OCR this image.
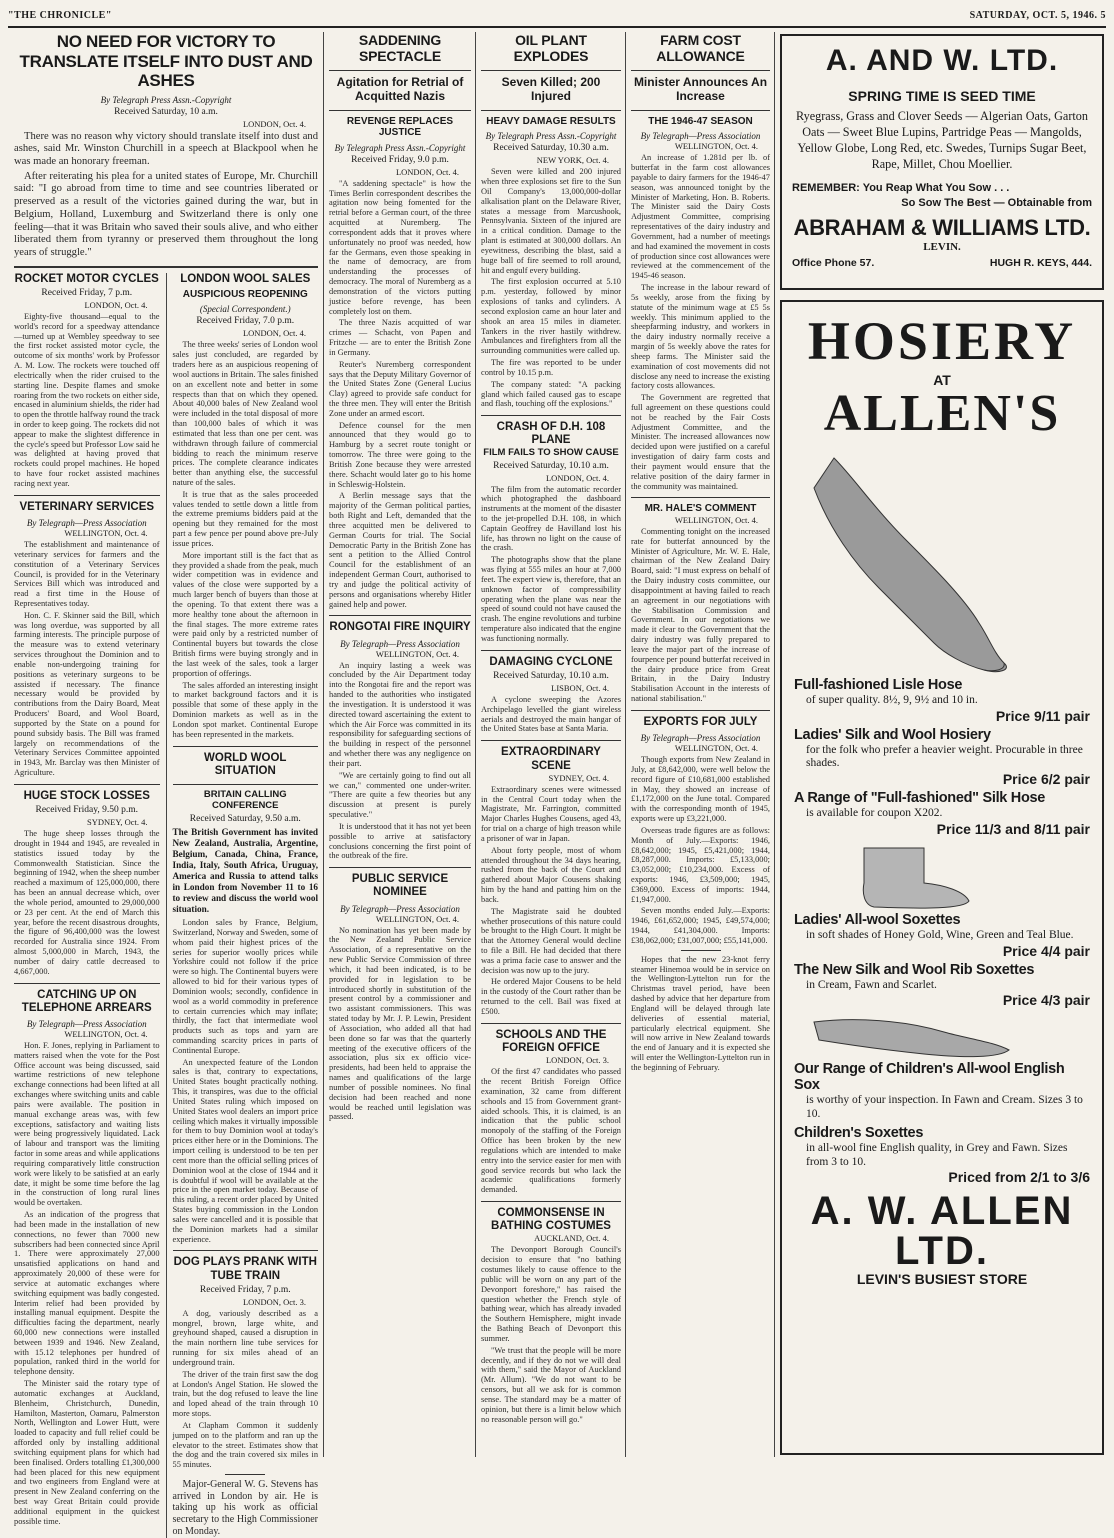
"THE CHRONICLE"	SATURDAY, OCT. 5, 1946. 5
NO NEED FOR VICTORY TO TRANSLATE ITSELF INTO DUST AND ASHES
By Telegraph Press Assn.-Copyright
Received Saturday, 10 a.m.
LONDON, Oct. 4.

There was no reason why victory should translate itself into dust and ashes, said Mr. Winston Churchill in a speech at Blackpool when he was made an honorary freeman.

After reiterating his plea for a united states of Europe, Mr. Churchill said: "I go abroad from time to time and see countries liberated or preserved as a result of the victories gained during the war, but in Belgium, Holland, Luxemburg and Switzerland there is only one feeling—that it was Britain who saved their souls alive, and who either liberated them from tyranny or preserved them throughout the long years of struggle."

ROCKET MOTOR CYCLES
Received Friday, 7 p.m.
LONDON, Oct. 4.

Eighty-five thousand—equal to the world's record for a speedway attendance—turned up at Wembley speedway to see the first rocket assisted motor cycle, the outcome of six months' work by Professor A. M. Low. The rockets were touched off electrically when the rider cruised to the starting line. Despite flames and smoke roaring from the two rockets on either side, encased in aluminium shields, the rider had to open the throttle halfway round the track in order to keep going. The rockets did not appear to make the slightest difference in the cycle's speed but Professor Low said he was delighted at having proved that rockets could propel machines. He hoped to have four rocket assisted machines racing next year.

VETERINARY SERVICES
By Telegraph—Press Association
WELLINGTON, Oct. 4.

The establishment and maintenance of veterinary services for farmers and the constitution of a Veterinary Services Council, is provided for in the Veterinary Services Bill which was introduced and read a first time in the House of Representatives today.

Hon. C. F. Skinner said the Bill, which was long overdue, was supported by all farming interests. The principle purpose of the measure was to extend veterinary services throughout the Dominion and to enable non-undergoing training for positions as veterinary surgeons to be assisted if necessary. The finance necessary would be provided by contributions from the Dairy Board, Meat Producers' Board, and Wool Board, supported by the State on a pound for pound subsidy basis. The Bill was framed largely on recommendations of the Veterinary Services Committee appointed in 1943, Mr. Barclay was then Minister of Agriculture.

HUGE STOCK LOSSES
Received Friday, 9.50 p.m.
SYDNEY, Oct. 4.

The huge sheep losses through the drought in 1944 and 1945, are revealed in statistics issued today by the Commonwealth Statistician. Since the beginning of 1942, when the sheep number reached a maximum of 125,000,000, there has been an annual decrease which, over the whole period, amounted to 29,000,000 or 23 per cent. At the end of March this year, before the recent disastrous droughts, the figure of 96,400,000 was the lowest recorded for Australia since 1924. From almost 5,000,000 in March, 1943, the number of dairy cattle decreased to 4,667,000.

CATCHING UP ON TELEPHONE ARREARS
By Telegraph—Press Association
WELLINGTON, Oct. 4.

Hon. F. Jones, replying in Parliament to matters raised when the vote for the Post Office account was being discussed, said wartime restrictions of new telephone exchange connections had been lifted at all exchanges where switching units and cable pairs were available. The position in manual exchange areas was, with few exceptions, satisfactory and waiting lists were being progressively liquidated. Lack of labour and transport was the limiting factor in some areas and while applications requiring comparatively little construction work were likely to be satisfied at an early date, it might be some time before the lag in the construction of long rural lines would be overtaken.

As an indication of the progress that had been made in the installation of new connections, no fewer than 7000 new subscribers had been connected since April 1. There were approximately 27,000 unsatisfied applications on hand and approximately 20,000 of these were for service at automatic exchanges where switching equipment was badly congested. Interim relief had been provided by installing manual equipment. Despite the difficulties facing the department, nearly 60,000 new connections were installed between 1939 and 1946. New Zealand, with 15.12 telephones per hundred of population, ranked third in the world for telephone density.

The Minister said the rotary type of automatic exchanges at Auckland, Blenheim, Christchurch, Dunedin, Hamilton, Masterton, Oamaru, Palmerston North, Wellington and Lower Hutt, were loaded to capacity and full relief could be afforded only by installing additional switching equipment plans for which had been finalised. Orders totalling £1,300,000 had been placed for this new equipment and two engineers from England were at present in New Zealand conferring on the best way Great Britain could provide additional equipment in the quickest possible time.

LONDON WOOL SALES
AUSPICIOUS REOPENING
(Special Correspondent.)
Received Friday, 7.0 p.m.
LONDON, Oct. 4.

The three weeks' series of London wool sales just concluded, are regarded by traders here as an auspicious reopening of wool auctions in Britain. The sales finished on an excellent note and better in some respects than that on which they opened. About 40,000 bales of New Zealand wool were included in the total disposal of more than 100,000 bales of which it was estimated that less than one per cent. was withdrawn through failure of commercial bidding to reach the minimum reserve prices. The complete clearance indicates better than anything else, the successful nature of the sales.

It is true that as the sales proceeded values tended to settle down a little from the extreme premiums bidders paid at the opening but they remained for the most part a few pence per pound above pre-July issue prices.

More important still is the fact that as they provided a shade from the peak, much wider competition was in evidence and values of the close were supported by a much larger bench of buyers than those at the opening. To that extent there was a more healthy tone about the afternoon in the final stages. The more extreme rates were paid only by a restricted number of Continental buyers but towards the close British firms were buying strongly and in the last week of the sales, took a larger proportion of offerings.

The sales afforded an interesting insight to market background factors and it is possible that some of these apply in the Dominion markets as well as in the London spot market. Continental Europe has been represented in the markets.

WORLD WOOL SITUATION
BRITAIN CALLING CONFERENCE
Received Saturday, 9.50 a.m.

The British Government has invited New Zealand, Australia, Argentine, Belgium, Canada, China, France, India, Italy, South Africa, Uruguay, America and Russia to attend talks in London from November 11 to 16 to review and discuss the world wool situation.

London sales by France, Belgium, Switzerland, Norway and Sweden, some of whom paid their highest prices of the series for superior woolly prices while Yorkshire could not follow if the price were so high. The Continental buyers were allowed to bid for their various types of Dominion wools; secondly, confidence in wool as a world commodity in preference to certain currencies which may inflate; thirdly, the fact that intermediate wool products such as tops and yarn are commanding scarcity prices in parts of Continental Europe.

An unexpected feature of the London sales is that, contrary to expectations, United States bought practically nothing. This, it transpires, was due to the official United States ruling which imposed on United States wool dealers an import price ceiling which makes it virtually impossible for them to buy Dominion wool at today's prices either here or in the Dominions. The import ceiling is understood to be ten per cent more than the official selling prices of Dominion wool at the close of 1944 and it is doubtful if wool will be available at the price in the open market today. Because of this ruling, a recent order placed by United States buying commission in the London sales were cancelled and it is possible that the Dominion markets had a similar experience.

DOG PLAYS PRANK WITH TUBE TRAIN
Received Friday, 7 p.m.
LONDON, Oct. 3.

A dog, variously described as a mongrel, brown, large white, and greyhound shaped, caused a disruption in the main northern line tube services for running for six miles ahead of an underground train.

The driver of the train first saw the dog at London's Angel Station. He slowed the train, but the dog refused to leave the line and loped ahead of the train through 10 more stops.

At Clapham Common it suddenly jumped on to the platform and ran up the elevator to the street. Estimates show that the dog and the train covered six miles in 55 minutes.

Major-General W. G. Stevens has arrived in London by air. He is taking up his work as official secretary to the High Commissioner on Monday.

SADDENING SPECTACLE
Agitation for Retrial of Acquitted Nazis
REVENGE REPLACES JUSTICE
By Telegraph Press Assn.-Copyright
Received Friday, 9.0 p.m.
LONDON, Oct. 4.

"A saddening spectacle" is how the Times Berlin correspondent describes the agitation now being fomented for the retrial before a German court, of the three acquitted at Nuremberg. The correspondent adds that it proves where unfortunately no proof was needed, how far the Germans, even those speaking in the name of democracy, are from understanding the processes of democracy. The moral of Nuremberg as a demonstration of the victors putting justice before revenge, has been completely lost on them.

The three Nazis acquitted of war crimes — Schacht, von Papen and Fritzche — are to enter the British Zone in Germany.

Reuter's Nuremberg correspondent says that the Deputy Military Governor of the United States Zone (General Lucius Clay) agreed to provide safe conduct for the three men. They will enter the British Zone under an armed escort.

Defence counsel for the men announced that they would go to Hamburg by a secret route tonight or tomorrow. The three were going to the British Zone because they were arrested there. Schacht would later go to his home in Schleswig-Holstein.

A Berlin message says that the majority of the German political parties, both Right and Left, demanded that the three acquitted men be delivered to German Courts for trial. The Social Democratic Party in the British Zone has sent a petition to the Allied Control Council for the establishment of an independent German Court, authorised to try and judge the political activity of persons and organisations whereby Hitler gained help and power.

RONGOTAI FIRE INQUIRY
By Telegraph—Press Association
WELLINGTON, Oct. 4.

An inquiry lasting a week was concluded by the Air Department today into the Rongotai fire and the report was handed to the authorities who instigated the investigation. It is understood it was directed toward ascertaining the extent to which the Air Force was committed in its responsibility for safeguarding sections of the building in respect of the personnel and whether there was any negligence on their part.

"We are certainly going to find out all we can," commented one under-writer. "There are quite a few theories but any discussion at present is purely speculative."

It is understood that it has not yet been possible to arrive at satisfactory conclusions concerning the first point of the outbreak of the fire.

PUBLIC SERVICE NOMINEE
By Telegraph—Press Association
WELLINGTON, Oct. 4.

No nomination has yet been made by the New Zealand Public Service Association, of a representative on the new Public Service Commission of three which, it had been indicated, is to be provided for in legislation to be introduced shortly in substitution of the present control by a commissioner and two assistant commissioners. This was stated today by Mr. J. P. Lewin, President of Association, who added all that had been done so far was that the quarterly meeting of the executive officers of the association, plus six ex officio vice-presidents, had been held to appraise the names and qualifications of the large number of possible nominees. No final decision had been reached and none would be reached until legislation was passed.

OIL PLANT EXPLODES
Seven Killed; 200 Injured
HEAVY DAMAGE RESULTS
By Telegraph Press Assn.-Copyright
Received Saturday, 10.30 a.m.
NEW YORK, Oct. 4.

Seven were killed and 200 injured when three explosions set fire to the Sun Oil Company's 13,000,000-dollar alkalisation plant on the Delaware River, states a message from Marcushook, Pennsylvania. Sixteen of the injured are in a critical condition. Damage to the plant is estimated at 300,000 dollars. An eyewitness, describing the blast, said a huge ball of fire seemed to roll around, hit and engulf every building.

The first explosion occurred at 5.10 p.m. yesterday, followed by minor explosions of tanks and cylinders. A second explosion came an hour later and shook an area 15 miles in diameter. Tankers in the river hastily withdrew. Ambulances and firefighters from all the surrounding communities were called up.

The fire was reported to be under control by 10.15 p.m.

The company stated: "A packing gland which failed caused gas to escape and flash, touching off the explosions."

CRASH OF D.H. 108 PLANE
FILM FAILS TO SHOW CAUSE
Received Saturday, 10.10 a.m.
LONDON, Oct. 4.

The film from the automatic recorder which photographed the dashboard instruments at the moment of the disaster to the jet-propelled D.H. 108, in which Captain Geoffrey de Havilland lost his life, has thrown no light on the cause of the crash.

The photographs show that the plane was flying at 555 miles an hour at 7,000 feet. The expert view is, therefore, that an unknown factor of compressibility operating when the plane was near the speed of sound could not have caused the crash. The engine revolutions and turbine temperature also indicated that the engine was functioning normally.

DAMAGING CYCLONE
Received Saturday, 10.10 a.m.
LISBON, Oct. 4.

A cyclone sweeping the Azores Archipelago levelled the giant wireless aerials and destroyed the main hangar of the United States base at Santa Maria.

EXTRAORDINARY SCENE
SYDNEY, Oct. 4.

Extraordinary scenes were witnessed in the Central Court today when the Magistrate, Mr. Farrington, committed Major Charles Hughes Cousens, aged 43, for trial on a charge of high treason while a prisoner of war in Japan.

About forty people, most of whom attended throughout the 34 days hearing, rushed from the back of the Court and gathered about Major Cousens shaking him by the hand and patting him on the back.

The Magistrate said he doubted whether prosecutions of this nature could be brought to the High Court. It might be that the Attorney General would decline to file a Bill. He had decided that there was a prima facie case to answer and the decision was now up to the jury.

He ordered Major Cousens to be held in the custody of the Court rather than be returned to the cell. Bail was fixed at £500.

SCHOOLS AND THE FOREIGN OFFICE
LONDON, Oct. 3.

Of the first 47 candidates who passed the recent British Foreign Office examination, 32 came from different schools and 15 from Government grant-aided schools. This, it is claimed, is an indication that the public school monopoly of the staffing of the Foreign Office has been broken by the new regulations which are intended to make entry into the service easier for men with good service records but who lack the academic qualifications formerly demanded.

COMMONSENSE IN BATHING COSTUMES
AUCKLAND, Oct. 4.

The Devonport Borough Council's decision to ensure that "no bathing costumes likely to cause offence to the public will be worn on any part of the Devonport foreshore," has raised the question whether the French style of bathing wear, which has already invaded the Southern Hemisphere, might invade the Bathing Beach of Devonport this summer.

"We trust that the people will be more decently, and if they do not we will deal with them," said the Mayor of Auckland (Mr. Allum). "We do not want to be censors, but all we ask for is common sense. The standard may be a matter of opinion, but there is a limit below which no reasonable person will go."

FARM COST ALLOWANCE
Minister Announces An Increase
THE 1946-47 SEASON
By Telegraph—Press Association
WELLINGTON, Oct. 4.

An increase of 1.281d per lb. of butterfat in the farm cost allowances payable to dairy farmers for the 1946-47 season, was announced tonight by the Minister of Marketing, Hon. B. Roberts. The Minister said the Dairy Costs Adjustment Committee, comprising representatives of the dairy industry and Government, had a number of meetings and had examined the movement in costs of production since cost allowances were reviewed at the commencement of the 1945-46 season.

The increase in the labour reward of 5s weekly, arose from the fixing by statute of the minimum wage at £5 5s weekly. This minimum applied to the sheepfarming industry, and workers in the dairy industry normally receive a margin of 5s weekly above the rates for sheep farms. The Minister said the examination of cost movements did not disclose any need to increase the existing factory costs allowances.

The Government are regretted that full agreement on these questions could not be reached by the Fair Costs Adjustment Committee, and the Minister. The increased allowances now decided upon were justified on a careful investigation of dairy farm costs and their payment would ensure that the relative position of the dairy farmer in the community was maintained.

MR. HALE'S COMMENT
WELLINGTON, Oct. 4.

Commenting tonight on the increased rate for butterfat announced by the Minister of Agriculture, Mr. W. E. Hale, chairman of the New Zealand Dairy Board, said: "I must express on behalf of the Dairy industry costs committee, our disappointment at having failed to reach an agreement in our negotiations with the Stabilisation Commission and Government. In our negotiations we made it clear to the Government that the dairy industry was fully prepared to leave the major part of the increase of fourpence per pound butterfat received in the dairy produce price from Great Britain, in the Dairy Industry Stabilisation Account in the interests of national stabilisation."

EXPORTS FOR JULY
By Telegraph—Press Association
WELLINGTON, Oct. 4.

Though exports from New Zealand in July, at £8,642,000, were well below the record figure of £10,681,000 established in May, they showed an increase of £1,172,000 on the June total. Compared with the corresponding month of 1945, exports were up £3,221,000.

Overseas trade figures are as follows: Month of July.—Exports: 1946, £8,642,000; 1945, £5,421,000; 1944, £8,287,000. Imports: £5,133,000; £3,052,000; £10,234,000. Excess of exports: 1946, £3,509,000; 1945, £369,000. Excess of imports: 1944, £1,947,000.

Seven months ended July.—Exports: 1946, £61,652,000; 1945, £49,574,000; 1944, £41,304,000. Imports: £38,062,000; £31,007,000; £55,141,000.

Hopes that the new 23-knot ferry steamer Hinemoa would be in service on the Wellington-Lyttelton run for the Christmas travel period, have been dashed by advice that her departure from England will be delayed through late deliveries of essential material, particularly electrical equipment. She will now arrive in New Zealand towards the end of January and it is expected she will enter the Wellington-Lyttelton run in the beginning of February.

A. AND W. LTD.
SPRING TIME IS SEED TIME
Ryegrass, Grass and Clover Seeds — Algerian Oats, Garton Oats — Sweet Blue Lupins, Partridge Peas — Mangolds, Yellow Globe, Long Red, etc. Swedes, Turnips Sugar Beet, Rape, Millet, Chou Moellier.
REMEMBER: You Reap What You Sow . . .
So Sow The Best — Obtainable from
ABRAHAM & WILLIAMS LTD.
LEVIN.
Office Phone 57.	HUGH R. KEYS, 444.
HOSIERY
AT
ALLEN'S
Full-fashioned Lisle Hose
of super quality. 8½, 9, 9½ and 10 in.
Price 9/11 pair
Ladies' Silk and Wool Hosiery
for the folk who prefer a heavier weight. Procurable in three shades.
Price 6/2 pair
A Range of "Full-fashioned" Silk Hose
is available for coupon X202.
Price 11/3 and 8/11 pair
Ladies' All-wool Soxettes
in soft shades of Honey Gold, Wine, Green and Teal Blue.
Price 4/4 pair
The New Silk and Wool Rib Soxettes
in Cream, Fawn and Scarlet.
Price 4/3 pair
Our Range of Children's All-wool English Sox
is worthy of your inspection. In Fawn and Cream. Sizes 3 to 10.
Children's Soxettes
in all-wool fine English quality, in Grey and Fawn. Sizes from 3 to 10.
Priced from 2/1 to 3/6
A. W. ALLEN LTD.
LEVIN'S BUSIEST STORE
